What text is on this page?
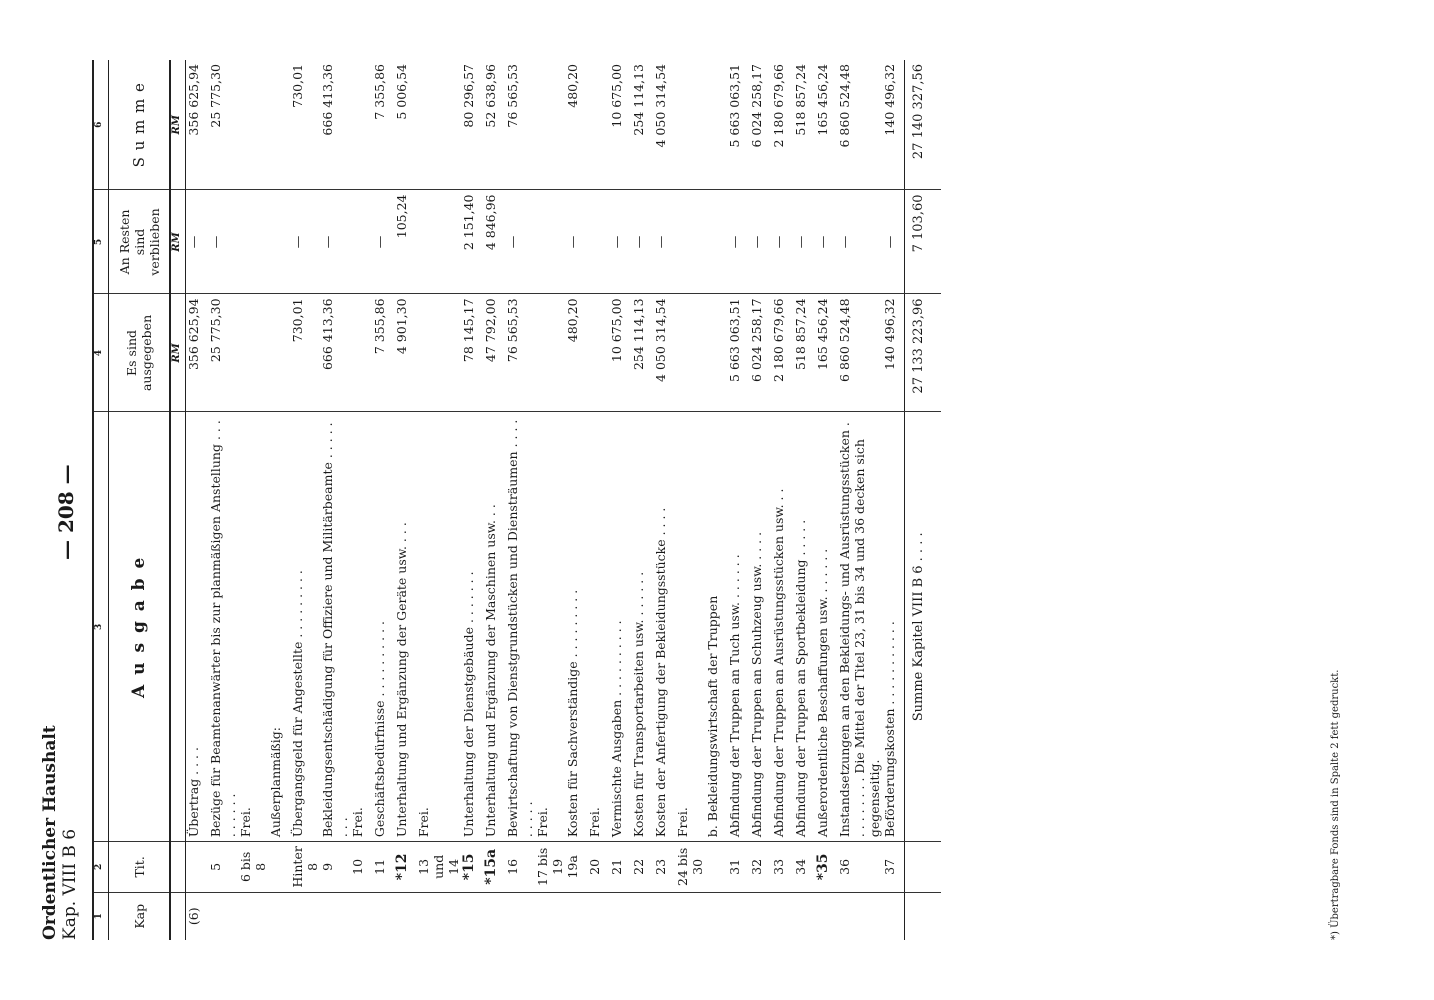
Ordentlicher Haushalt Kap. VIII B 6
— 208 —
1	2	3	4	5	6
Kap	Tit.	A u s g a b e	Es sind ausgegeben	An Resten sind verblieben	S u m m e
			RM	RM	RM
(6)		Übertrag . . . .	356 625,94	—	356 625,94
	5	Bezüge für Beamtenanwärter bis zur planmäßigen Anstellung . . . . . . . . .	25 775,30	—	25 775,30
	6 bis 8	Frei.			
		Außerplanmäßig:			
	Hinter 8	Übergangsgeld für Angestellte . . . . . . . . .	730,01	—	730,01
	9	Bekleidungsentschädigung für Offiziere und Militärbeamte . . . . . . . .	666 413,36	—	666 413,36
	10	Frei.			
	11	Geschäftsbedürfnisse . . . . . . . . . .	7 355,86	—	7 355,86
	*12	Unterhaltung und Ergänzung der Geräte usw. . . .	4 901,30	105,24	5 006,54
	13 und 14	Frei.			
	*15	Unterhaltung der Dienstgebäude . . . . . . .	78 145,17	2 151,40	80 296,57
	*15a	Unterhaltung und Ergänzung der Maschinen usw. . .	47 792,00	4 846,96	52 638,96
	16	Bewirtschaftung von Dienstgrundstücken und Diensträumen . . . . . . . . .	76 565,53	—	76 565,53
	17 bis 19	Frei.			
	19a	Kosten für Sachverständige . . . . . . . . .	480,20	—	480,20
	20	Frei.			
	21	Vermischte Ausgaben . . . . . . . . . .	10 675,00	—	10 675,00
	22	Kosten für Transportarbeiten usw. . . . . . .	254 114,13	—	254 114,13
	23	Kosten der Anfertigung der Bekleidungsstücke . . . .	4 050 314,54	—	4 050 314,54
	24 bis 30	Frei.			
		b. Bekleidungswirtschaft der Truppen			
	31	Abfindung der Truppen an Tuch usw. . . . . . .	5 663 063,51	—	5 663 063,51
	32	Abfindung der Truppen an Schuhzeug usw. . . . .	6 024 258,17	—	6 024 258,17
	33	Abfindung der Truppen an Ausrüstungsstücken usw. . .	2 180 679,66	—	2 180 679,66
	34	Abfindung der Truppen an Sportbekleidung . . . . .	518 857,24	—	518 857,24
	*35	Außerordentliche Beschaffungen usw. . . . . . .	165 456,24	—	165 456,24
	36	Instandsetzungen an den Bekleidungs- und Ausrüstungsstücken . . . . . . . . . Die Mittel der Titel 23, 31 bis 34 und 36 decken sich gegenseitig.	6 860 524,48	—	6 860 524,48
	37	Beförderungskosten . . . . . . . . . . .	140 496,32	—	140 496,32
		Summe Kapitel VIII B 6 . . . .	27 133 223,96	7 103,60	27 140 327,56
*) Übertragbare Fonds sind in Spalte 2 fett gedruckt.
